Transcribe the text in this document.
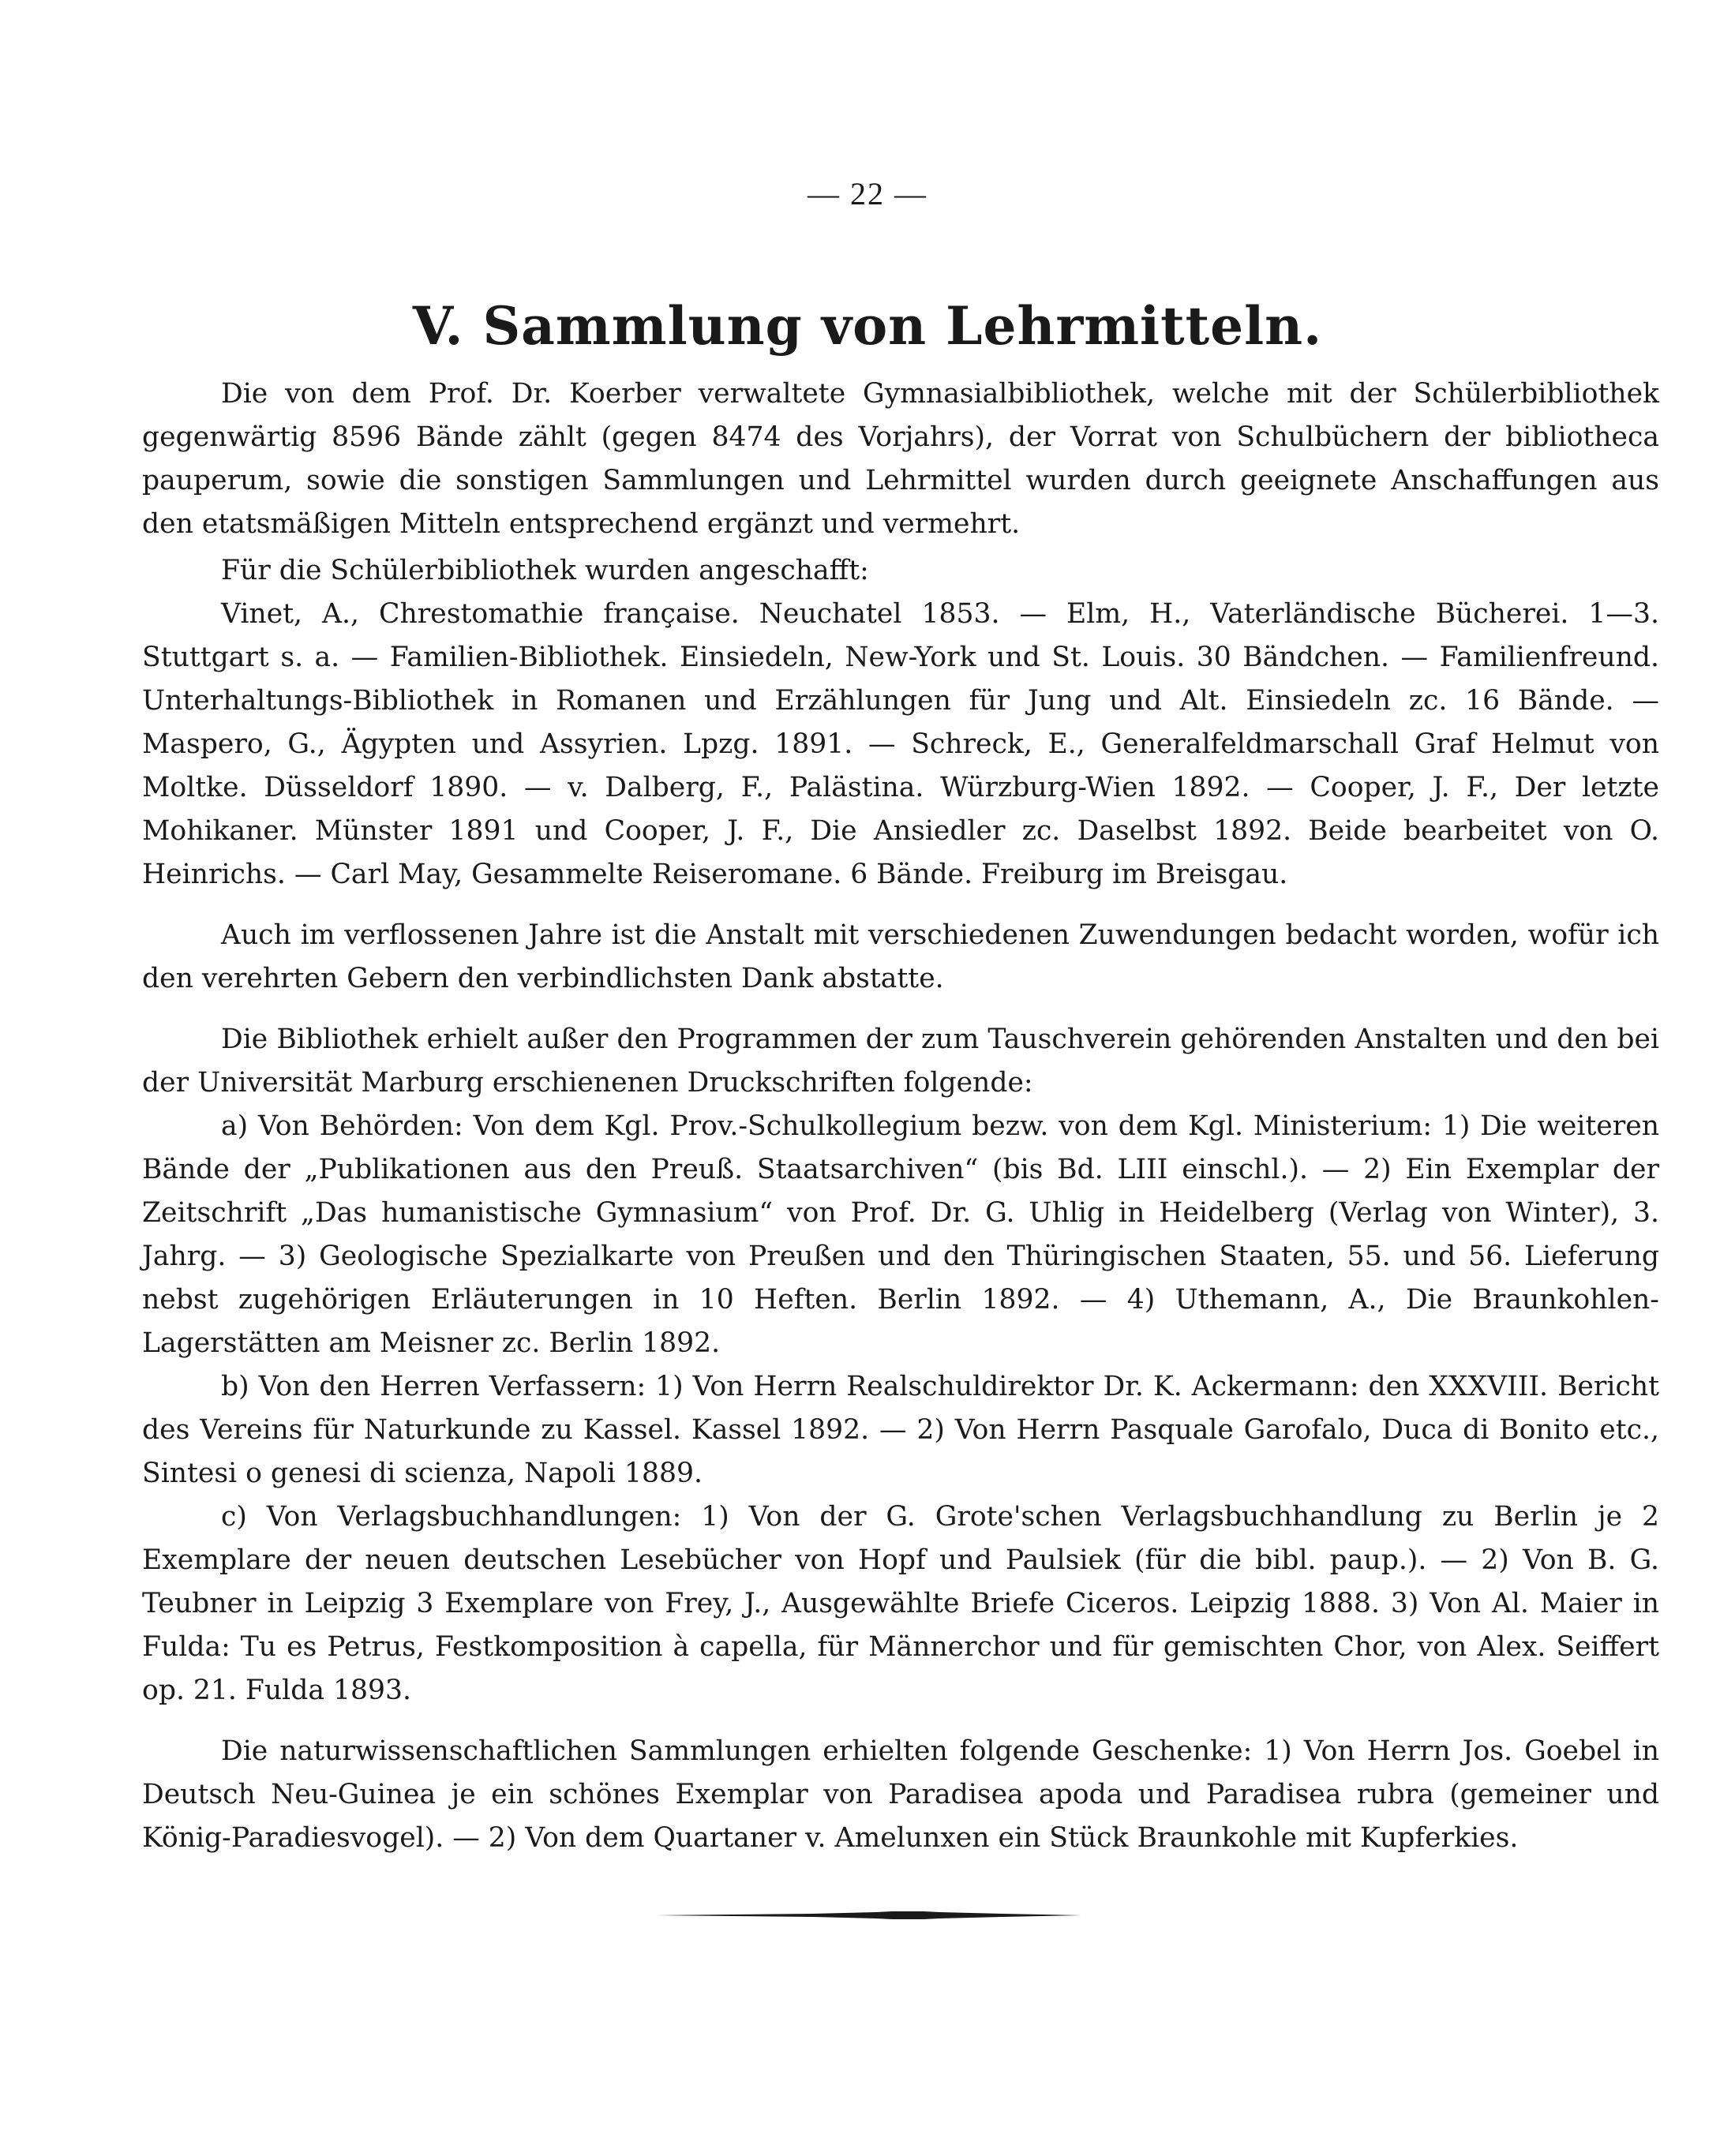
— 22 —
V. Sammlung von Lehrmitteln.

Die von dem Prof. Dr. Koerber verwaltete Gymnasialbibliothek, welche mit der Schülerbibliothek gegenwärtig 8596 Bände zählt (gegen 8474 des Vorjahrs), der Vorrat von Schulbüchern der bibliotheca pauperum, sowie die sonstigen Sammlungen und Lehrmittel wurden durch geeignete Anschaffungen aus den etatsmäßigen Mitteln entsprechend ergänzt und vermehrt.

Für die Schülerbibliothek wurden angeschafft:

Vinet, A., Chrestomathie française. Neuchatel 1853. — Elm, H., Vaterländische Bücherei. 1—3. Stuttgart s. a. — Familien-Bibliothek. Einsiedeln, New-York und St. Louis. 30 Bändchen. — Familienfreund. Unterhaltungs-Bibliothek in Romanen und Erzählungen für Jung und Alt. Einsiedeln zc. 16 Bände. — Maspero, G., Ägypten und Assyrien. Lpzg. 1891. — Schreck, E., Generalfeldmarschall Graf Helmut von Moltke. Düsseldorf 1890. — v. Dalberg, F., Palästina. Würzburg-Wien 1892. — Cooper, J. F., Der letzte Mohikaner. Münster 1891 und Cooper, J. F., Die Ansiedler zc. Daselbst 1892. Beide bearbeitet von O. Heinrichs. — Carl May, Gesammelte Reiseromane. 6 Bände. Freiburg im Breisgau.

Auch im verflossenen Jahre ist die Anstalt mit verschiedenen Zuwendungen bedacht worden, wofür ich den verehrten Gebern den verbindlichsten Dank abstatte.

Die Bibliothek erhielt außer den Programmen der zum Tauschverein gehörenden Anstalten und den bei der Universität Marburg erschienenen Druckschriften folgende:

a) Von Behörden: Von dem Kgl. Prov.-Schulkollegium bezw. von dem Kgl. Ministerium: 1) Die weiteren Bände der „Publikationen aus den Preuß. Staatsarchiven“ (bis Bd. LIII einschl.). — 2) Ein Exemplar der Zeitschrift „Das humanistische Gymnasium“ von Prof. Dr. G. Uhlig in Heidelberg (Verlag von Winter), 3. Jahrg. — 3) Geologische Spezialkarte von Preußen und den Thüringischen Staaten, 55. und 56. Lieferung nebst zugehörigen Erläuterungen in 10 Heften. Berlin 1892. — 4) Uthemann, A., Die Braunkohlen-Lagerstätten am Meisner zc. Berlin 1892.

b) Von den Herren Verfassern: 1) Von Herrn Realschuldirektor Dr. K. Ackermann: den XXXVIII. Bericht des Vereins für Naturkunde zu Kassel. Kassel 1892. — 2) Von Herrn Pasquale Garofalo, Duca di Bonito etc., Sintesi o genesi di scienza, Napoli 1889.

c) Von Verlagsbuchhandlungen: 1) Von der G. Grote'schen Verlagsbuchhandlung zu Berlin je 2 Exemplare der neuen deutschen Lesebücher von Hopf und Paulsiek (für die bibl. paup.). — 2) Von B. G. Teubner in Leipzig 3 Exemplare von Frey, J., Ausgewählte Briefe Ciceros. Leipzig 1888. 3) Von Al. Maier in Fulda: Tu es Petrus, Festkomposition à capella, für Männerchor und für gemischten Chor, von Alex. Seiffert op. 21. Fulda 1893.

Die naturwissenschaftlichen Sammlungen erhielten folgende Geschenke: 1) Von Herrn Jos. Goebel in Deutsch Neu-Guinea je ein schönes Exemplar von Paradisea apoda und Paradisea rubra (gemeiner und König-Paradiesvogel). — 2) Von dem Quartaner v. Amelunxen ein Stück Braunkohle mit Kupferkies.
